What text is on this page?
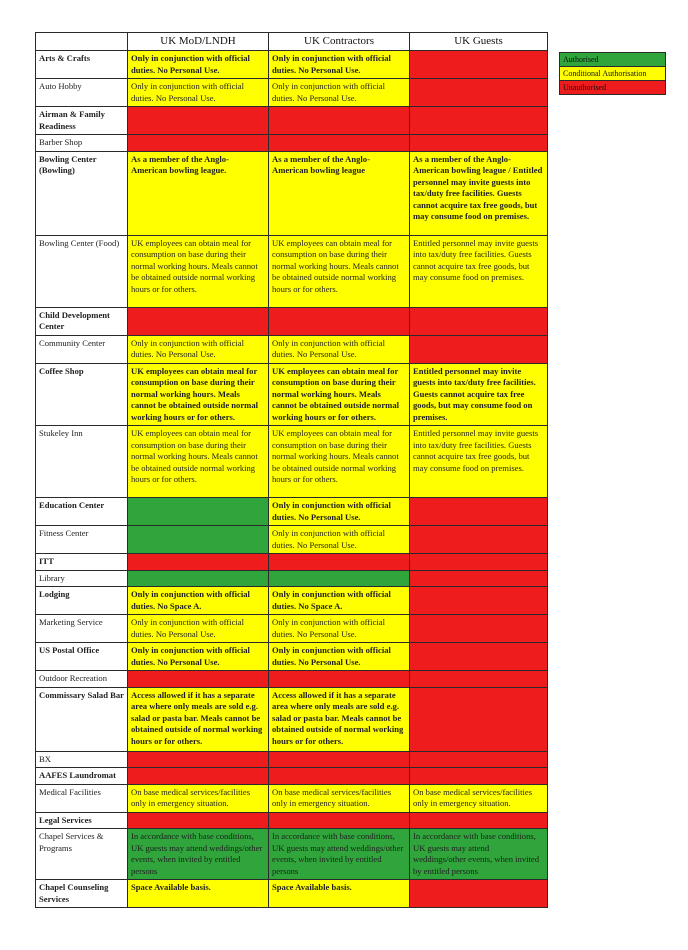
	UK MoD/LNDH	UK Contractors	UK Guests
Arts & Crafts	Only in conjunction with official duties. No Personal Use.	Only in conjunction with official duties. No Personal Use.	
Auto Hobby	Only in conjunction with official duties. No Personal Use.	Only in conjunction with official duties. No Personal Use.	
Airman & Family Readiness			
Barber Shop			
Bowling Center (Bowling)	As a member of the Anglo-American bowling league.	As a member of the Anglo-American bowling league	As a member of the Anglo-American bowling league / Entitled personnel may invite guests into tax/duty free facilities. Guests cannot acquire tax free goods, but may consume food on premises.
Bowling Center (Food)	UK employees can obtain meal for consumption on base during their normal working hours. Meals cannot be obtained outside normal working hours or for others.	UK employees can obtain meal for consumption on base during their normal working hours. Meals cannot be obtained outside normal working hours or for others.	Entitled personnel may invite guests into tax/duty free facilities. Guests cannot acquire tax free goods, but may consume food on premises.
Child Development Center			
Community Center	Only in conjunction with official duties. No Personal Use.	Only in conjunction with official duties. No Personal Use.	
Coffee Shop	UK employees can obtain meal for consumption on base during their normal working hours. Meals cannot be obtained outside normal working hours or for others.	UK employees can obtain meal for consumption on base during their normal working hours. Meals cannot be obtained outside normal working hours or for others.	Entitled personnel may invite guests into tax/duty free facilities. Guests cannot acquire tax free goods, but may consume food on premises.
Stukeley Inn	UK employees can obtain meal for consumption on base during their normal working hours. Meals cannot be obtained outside normal working hours or for others.	UK employees can obtain meal for consumption on base during their normal working hours. Meals cannot be obtained outside normal working hours or for others.	Entitled personnel may invite guests into tax/duty free facilities. Guests cannot acquire tax free goods, but may consume food on premises.
Education Center		Only in conjunction with official duties. No Personal Use.	
Fitness Center		Only in conjunction with official duties. No Personal Use.	
ITT			
Library			
Lodging	Only in conjunction with official duties. No Space A.	Only in conjunction with official duties. No Space A.	
Marketing Service	Only in conjunction with official duties. No Personal Use.	Only in conjunction with official duties. No Personal Use.	
US Postal Office	Only in conjunction with official duties. No Personal Use.	Only in conjunction with official duties. No Personal Use.	
Outdoor Recreation			
Commissary Salad Bar	Access allowed if it has a separate area where only meals are sold e.g. salad or pasta bar. Meals cannot be obtained outside of normal working hours or for others.	Access allowed if it has a separate area where only meals are sold e.g. salad or pasta bar. Meals cannot be obtained outside of normal working hours or for others.	
BX			
AAFES Laundromat			
Medical Facilities	On base medical services/facilities only in emergency situation.	On base medical services/facilities only in emergency situation.	On base medical services/facilities only in emergency situation.
Legal Services			
Chapel Services & Programs	In accordance with base conditions, UK guests may attend weddings/other events, when invited by entitled persons	In accordance with base conditions, UK guests may attend weddings/other events, when invited by entitled persons	In accordance with base conditions, UK guests may attend weddings/other events, when invited by entitled persons
Chapel Counseling Services	Space Available basis.	Space Available basis.	
Authorised
Conditional Authorisation
Unauthorised
